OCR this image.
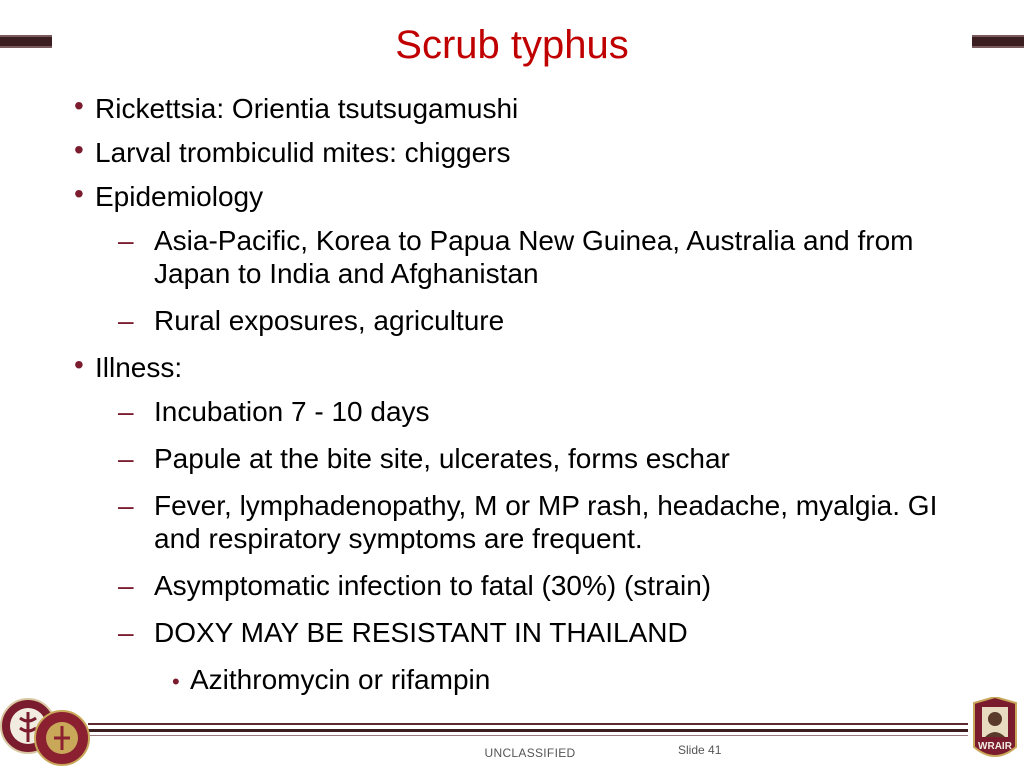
Scrub typhus
• Rickettsia: Orientia tsutsugamushi
• Larval trombiculid mites: chiggers
• Epidemiology
– Asia-Pacific, Korea to Papua New Guinea, Australia and from Japan to India and Afghanistan
– Rural exposures, agriculture
• Illness:
– Incubation 7 - 10 days
– Papule at the bite site, ulcerates, forms eschar
– Fever, lymphadenopathy, M or MP rash, headache, myalgia. GI and respiratory symptoms are frequent.
– Asymptomatic infection to fatal (30%) (strain)
– DOXY MAY BE RESISTANT IN THAILAND
• Azithromycin or rifampin
WRAIR
UNCLASSIFIED	Slide 41
